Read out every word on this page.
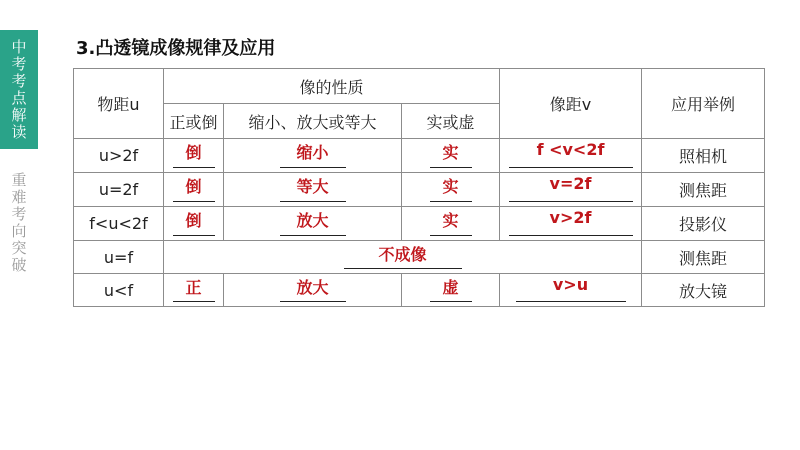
中
考
考
点
解
读
重
难
考
向
突
破
3.凸透镜成像规律及应用
物距u	像的性质			像距v	应用举例
	正或倒	缩小、放大或等大	实或虚		
u>2f	倒	缩小	实	f <v<2f	照相机
u=2f	倒	等大	实	v=2f	测焦距
f<u<2f	倒	放大	实	v>2f	投影仪
u=f	不成像				测焦距
u<f	正	放大	虚	v>u	放大镜
